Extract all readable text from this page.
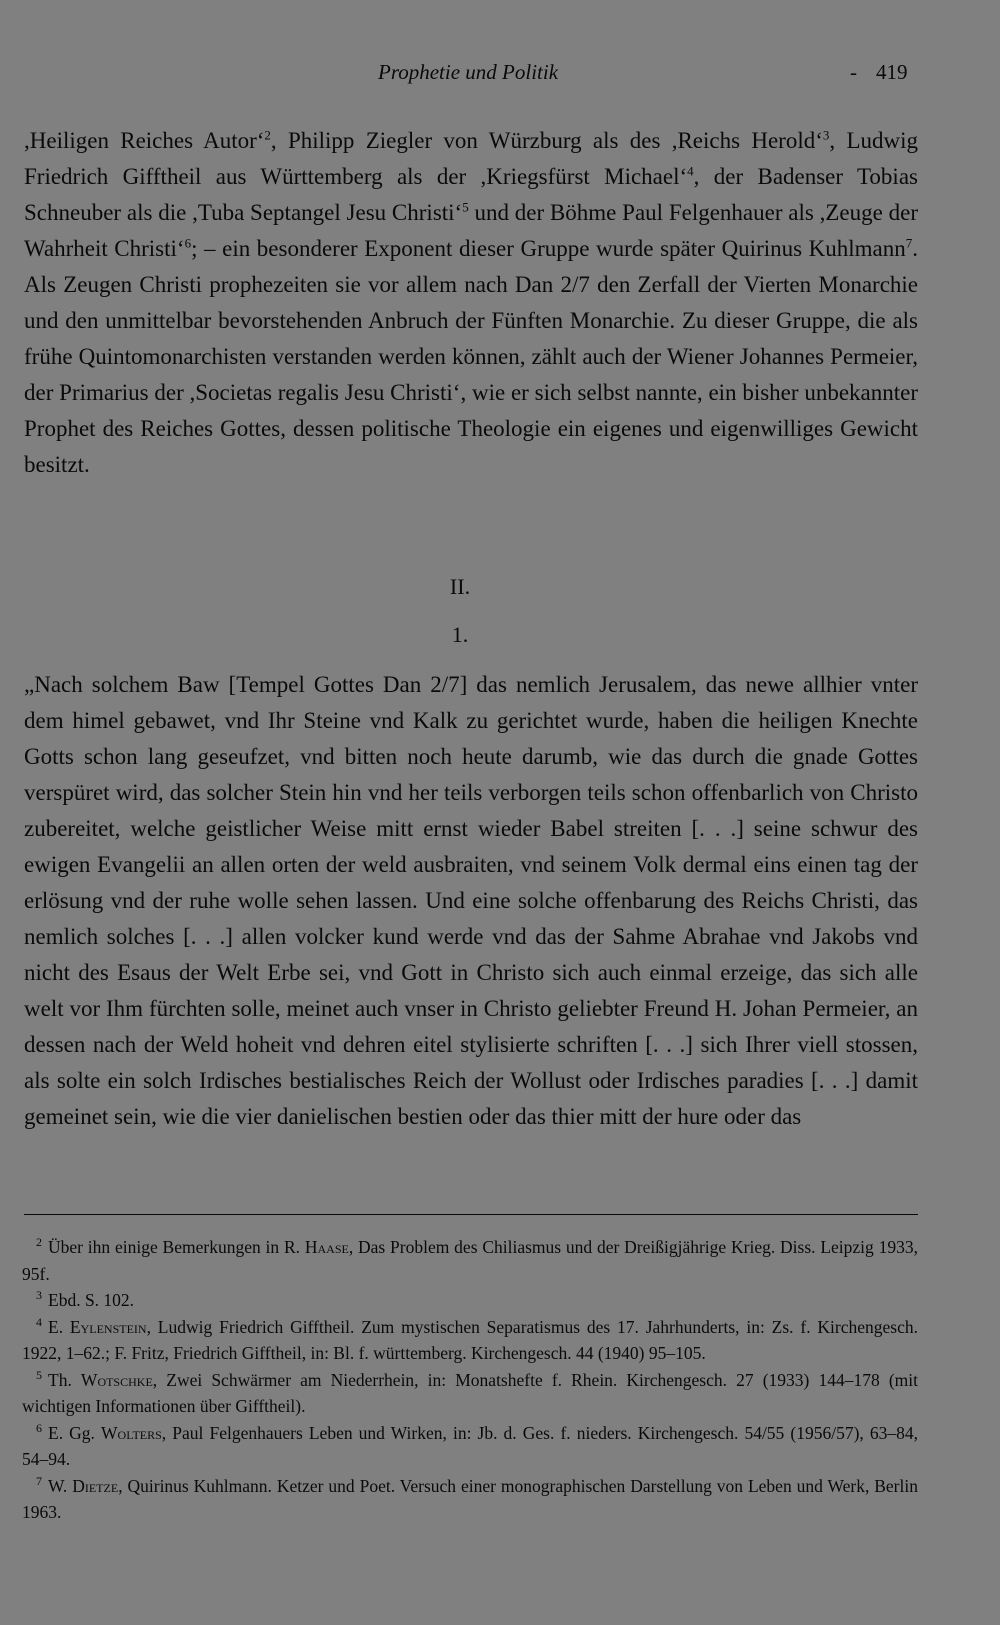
Prophetie und Politik	- 419

,Heiligen Reiches Autor‘$^2$, Philipp Ziegler von Würzburg als des ,Reichs Herold‘$^3$, Ludwig Friedrich Gifftheil aus Württemberg als der ,Kriegsfürst Michael‘$^4$, der Badenser Tobias Schneuber als die ,Tuba Septangel Jesu Christi‘$^5$ und der Böhme Paul Felgenhauer als ,Zeuge der Wahrheit Christi‘$^6$; – ein besonderer Exponent dieser Gruppe wurde später Quirinus Kuhlmann$^7$. Als Zeugen Christi prophezeiten sie vor allem nach Dan 2/7 den Zerfall der Vierten Monarchie und den unmittelbar bevorstehenden Anbruch der Fünften Monarchie. Zu dieser Gruppe, die als frühe Quintomonarchisten verstanden werden können, zählt auch der Wiener Johannes Permeier, der Primarius der ,Societas regalis Jesu Christi‘, wie er sich selbst nannte, ein bisher unbekannter Prophet des Reiches Gottes, dessen politische Theologie ein eigenes und eigenwilliges Gewicht besitzt.

II.
1.

„Nach solchem Baw [Tempel Gottes Dan 2/7] das nemlich Jerusalem, das newe allhier vnter dem himel gebawet, vnd Ihr Steine vnd Kalk zu gerichtet wurde, haben die heiligen Knechte Gotts schon lang geseufzet, vnd bitten noch heute darumb, wie das durch die gnade Gottes verspüret wird, das solcher Stein hin vnd her teils verborgen teils schon offenbarlich von Christo zubereitet, welche geistlicher Weise mitt ernst wieder Babel streiten [. . .] seine schwur des ewigen Evangelii an allen orten der weld ausbraiten, vnd seinem Volk dermal eins einen tag der erlösung vnd der ruhe wolle sehen lassen. Und eine solche offenbarung des Reichs Christi, das nemlich solches [. . .] allen volcker kund werde vnd das der Sahme Abrahae vnd Jakobs vnd nicht des Esaus der Welt Erbe sei, vnd Gott in Christo sich auch einmal erzeige, das sich alle welt vor Ihm fürchten solle, meinet auch vnser in Christo geliebter Freund H. Johan Permeier, an dessen nach der Weld hoheit vnd dehren eitel stylisierte schriften [. . .] sich Ihrer viell stossen, als solte ein solch Irdisches bestialisches Reich der Wollust oder Irdisches paradies [. . .] damit gemeinet sein, wie die vier danielischen bestien oder das thier mitt der hure oder das

$^2$ Über ihn einige Bemerkungen in R. Haase, Das Problem des Chiliasmus und der Dreißigjährige Krieg. Diss. Leipzig 1933, 95f.

$^3$ Ebd. S. 102.

$^4$ E. Eylenstein, Ludwig Friedrich Gifftheil. Zum mystischen Separatismus des 17. Jahrhunderts, in: Zs. f. Kirchengesch. 1922, 1–62.; F. Fritz, Friedrich Gifftheil, in: Bl. f. württemberg. Kirchengesch. 44 (1940) 95–105.

$^5$ Th. Wotschke, Zwei Schwärmer am Niederrhein, in: Monatshefte f. Rhein. Kirchengesch. 27 (1933) 144–178 (mit wichtigen Informationen über Gifftheil).

$^6$ E. Gg. Wolters, Paul Felgenhauers Leben und Wirken, in: Jb. d. Ges. f. nieders. Kirchengesch. 54/55 (1956/57), 63–84, 54–94.

$^7$ W. Dietze, Quirinus Kuhlmann. Ketzer und Poet. Versuch einer monographischen Darstellung von Leben und Werk, Berlin 1963.
